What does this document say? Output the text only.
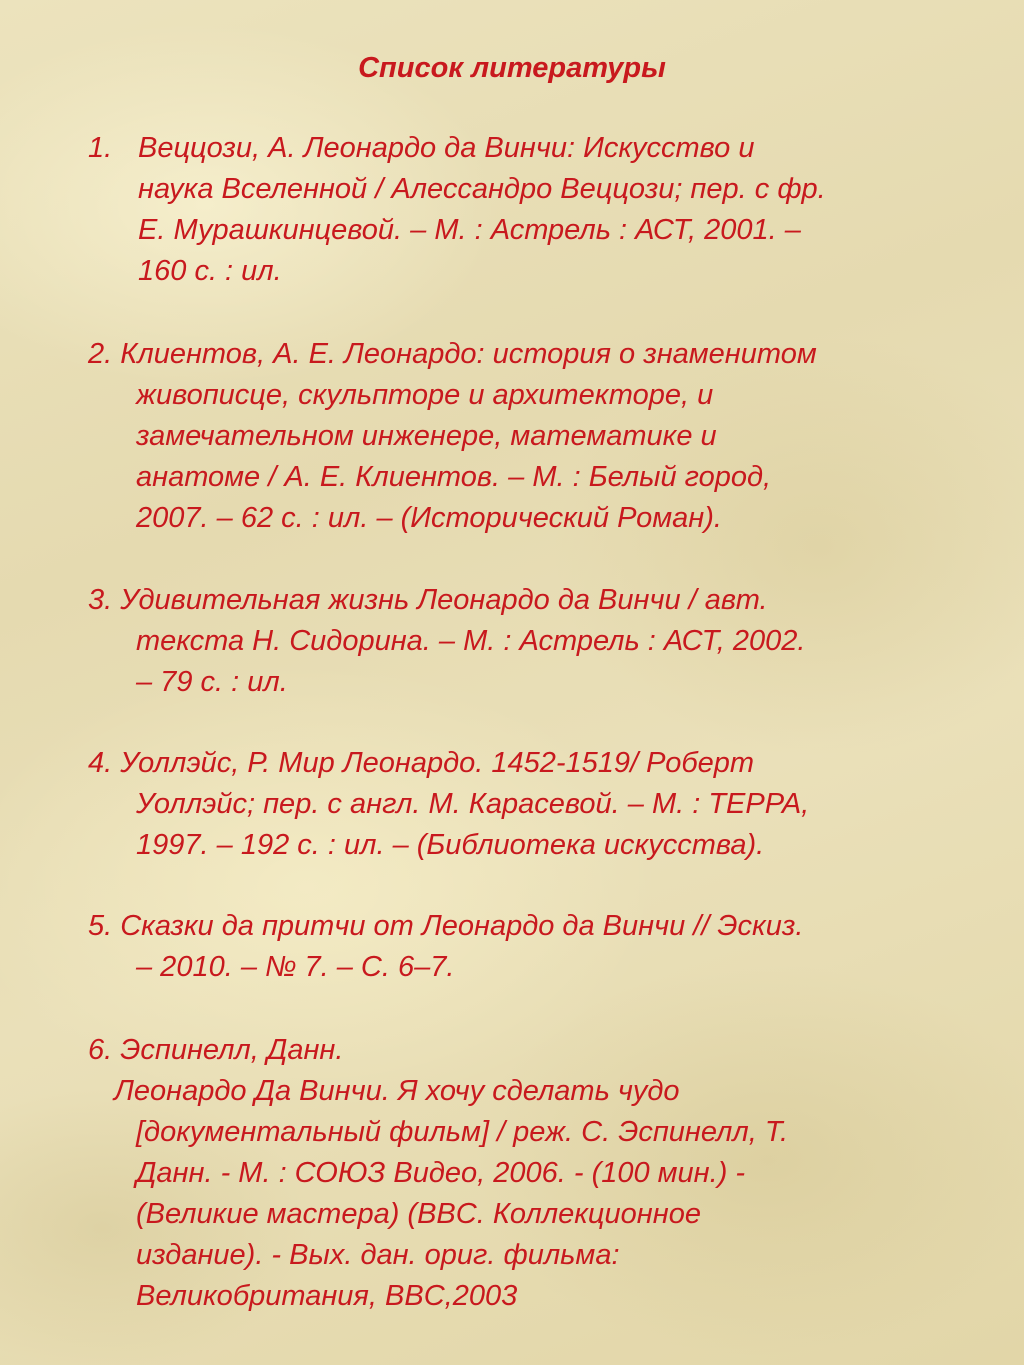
Список литературы
1. Веццози, А. Леонардо да Винчи: Искусство и
наука Вселенной / Алессандро Веццози; пер. с фр.
Е. Мурашкинцевой. – М. : Астрель : АСТ, 2001. –
160 с. : ил.
2. Клиентов, А. Е. Леонардо: история о знаменитом
живописце, скульпторе и архитекторе, и
замечательном инженере, математике и
анатоме / А. Е. Клиентов. – М. : Белый город,
2007. – 62 с. : ил. – (Исторический Роман).
3. Удивительная жизнь Леонардо да Винчи / авт.
текста Н. Сидорина. – М. : Астрель : АСТ, 2002.
– 79 с. : ил.
4. Уоллэйс, Р. Мир Леонардо. 1452-1519/ Роберт
Уоллэйс; пер. с англ. М. Карасевой. – М. : ТЕРРА,
1997. – 192 с. : ил. – (Библиотека искусства).
5. Сказки да притчи от Леонардо да Винчи // Эскиз.
– 2010. – № 7. – С. 6–7.
6. Эспинелл, Данн.
Леонардо Да Винчи. Я хочу сделать чудо
[документальный фильм] / реж. С. Эспинелл, Т.
Данн. - М. : СОЮЗ Видео, 2006. - (100 мин.) -
(Великие мастера) (BBC. Коллекционное
издание). - Вых. дан. ориг. фильма:
Великобритания, BBC,2003
